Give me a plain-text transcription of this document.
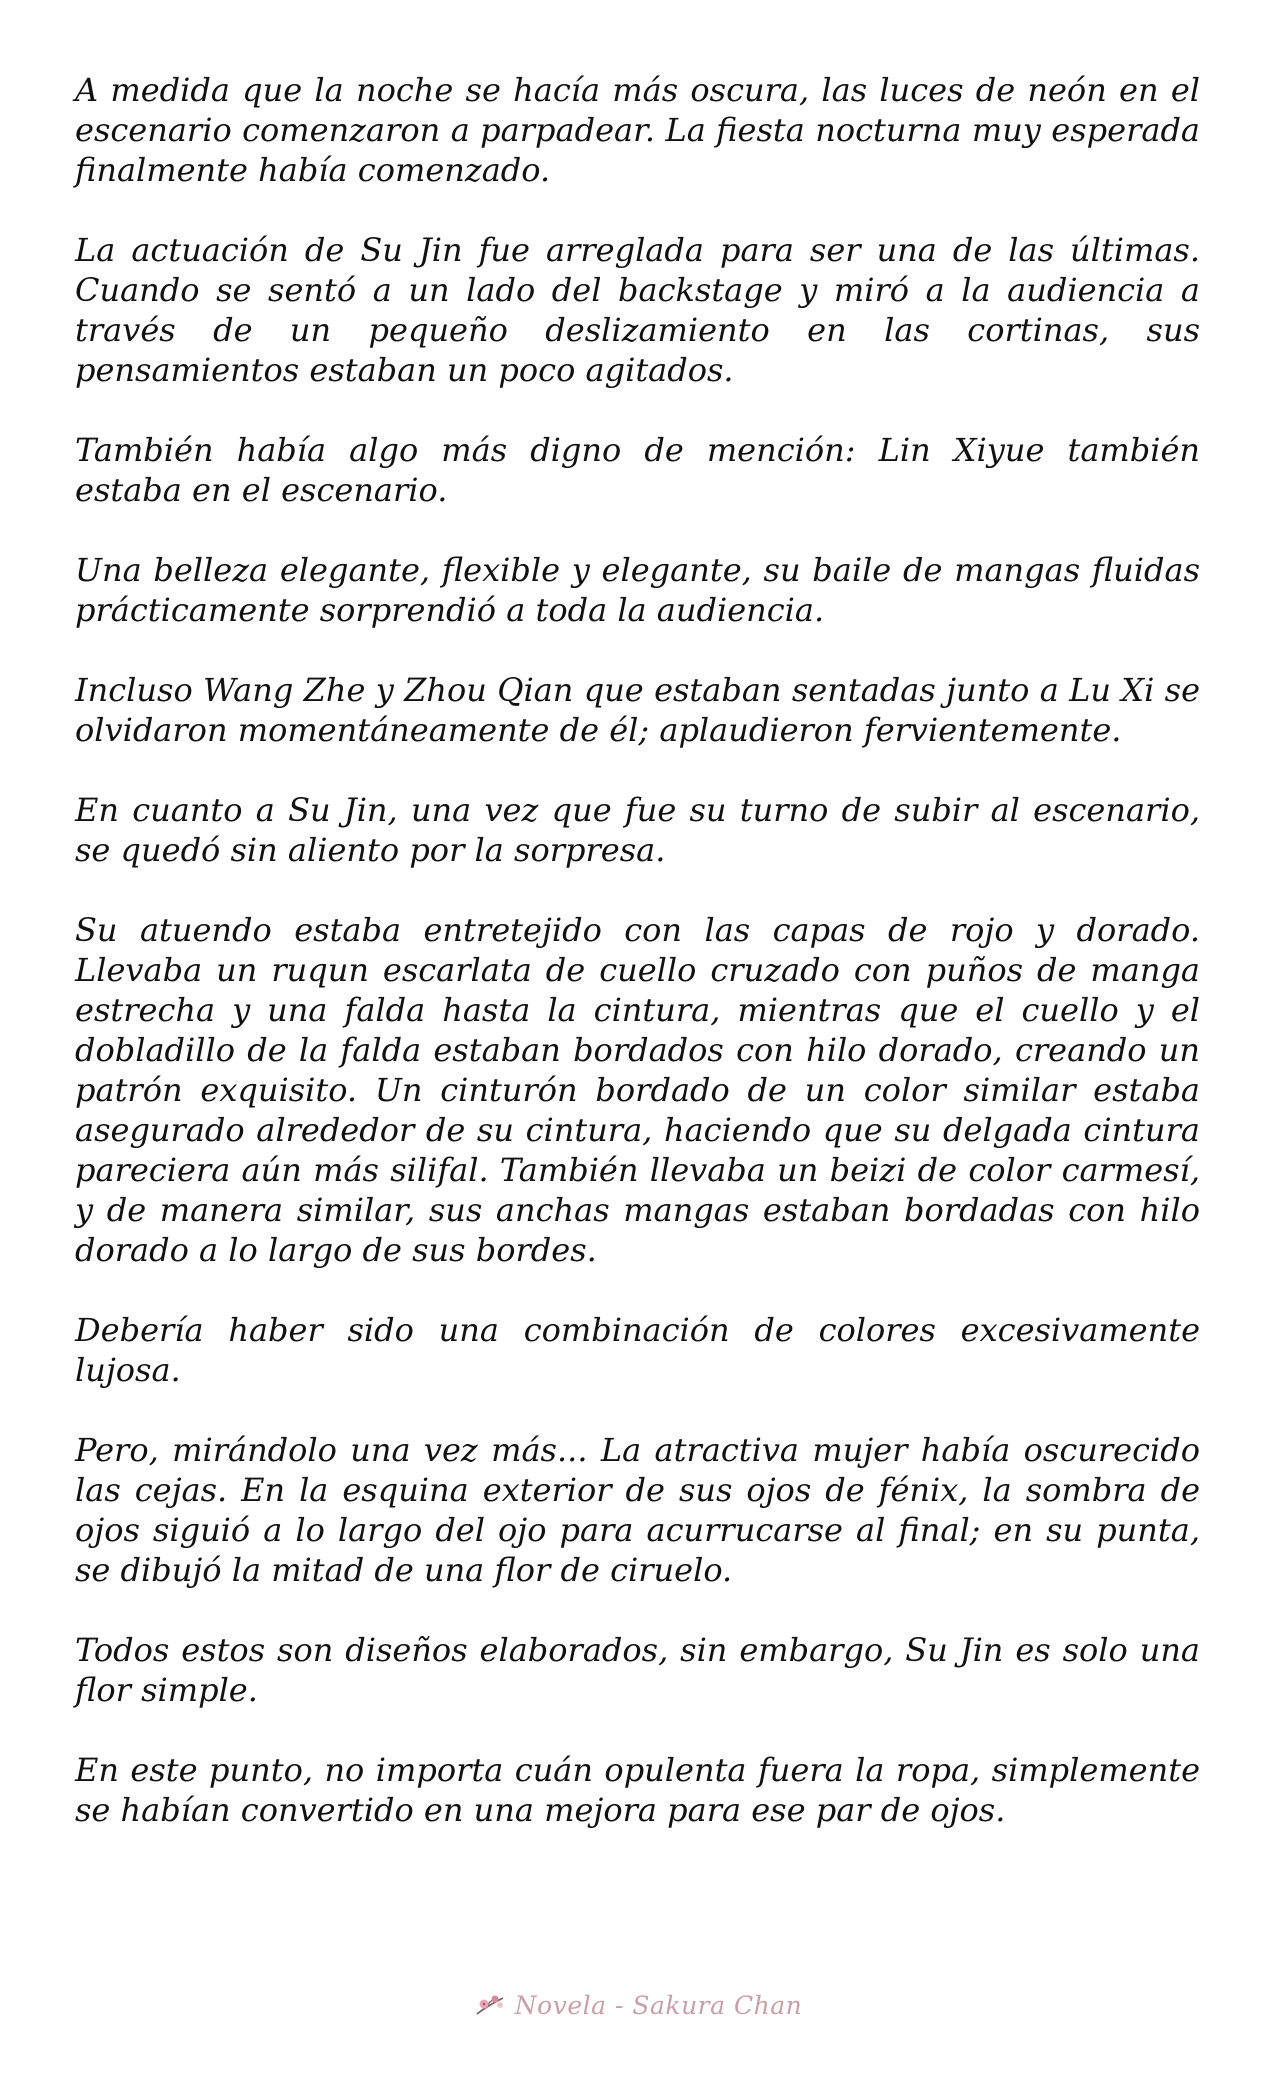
A medida que la noche se hacía más oscura, las luces de neón en el escenario comenzaron a parpadear. La fiesta nocturna muy esperada finalmente había comenzado.

La actuación de Su Jin fue arreglada para ser una de las últimas. Cuando se sentó a un lado del backstage y miró a la audiencia a través de un pequeño deslizamiento en las cortinas, sus pensamientos estaban un poco agitados.

También había algo más digno de mención: Lin Xiyue también estaba en el escenario.

Una belleza elegante, flexible y elegante, su baile de mangas fluidas prácticamente sorprendió a toda la audiencia.

Incluso Wang Zhe y Zhou Qian que estaban sentadas junto a Lu Xi se olvidaron momentáneamente de él; aplaudieron fervientemente.

En cuanto a Su Jin, una vez que fue su turno de subir al escenario, se quedó sin aliento por la sorpresa.

Su atuendo estaba entretejido con las capas de rojo y dorado. Llevaba un ruqun escarlata de cuello cruzado con puños de manga estrecha y una falda hasta la cintura, mientras que el cuello y el dobladillo de la falda estaban bordados con hilo dorado, creando un patrón exquisito. Un cinturón bordado de un color similar estaba asegurado alrededor de su cintura, haciendo que su delgada cintura pareciera aún más silifal. También llevaba un beizi de color carmesí, y de manera similar, sus anchas mangas estaban bordadas con hilo dorado a lo largo de sus bordes.

Debería haber sido una combinación de colores excesivamente lujosa.

Pero, mirándolo una vez más... La atractiva mujer había oscurecido las cejas. En la esquina exterior de sus ojos de fénix, la sombra de ojos siguió a lo largo del ojo para acurrucarse al final; en su punta, se dibujó la mitad de una flor de ciruelo.

Todos estos son diseños elaborados, sin embargo, Su Jin es solo una flor simple.

En este punto, no importa cuán opulenta fuera la ropa, simplemente se habían convertido en una mejora para ese par de ojos.

Novela - Sakura Chan
